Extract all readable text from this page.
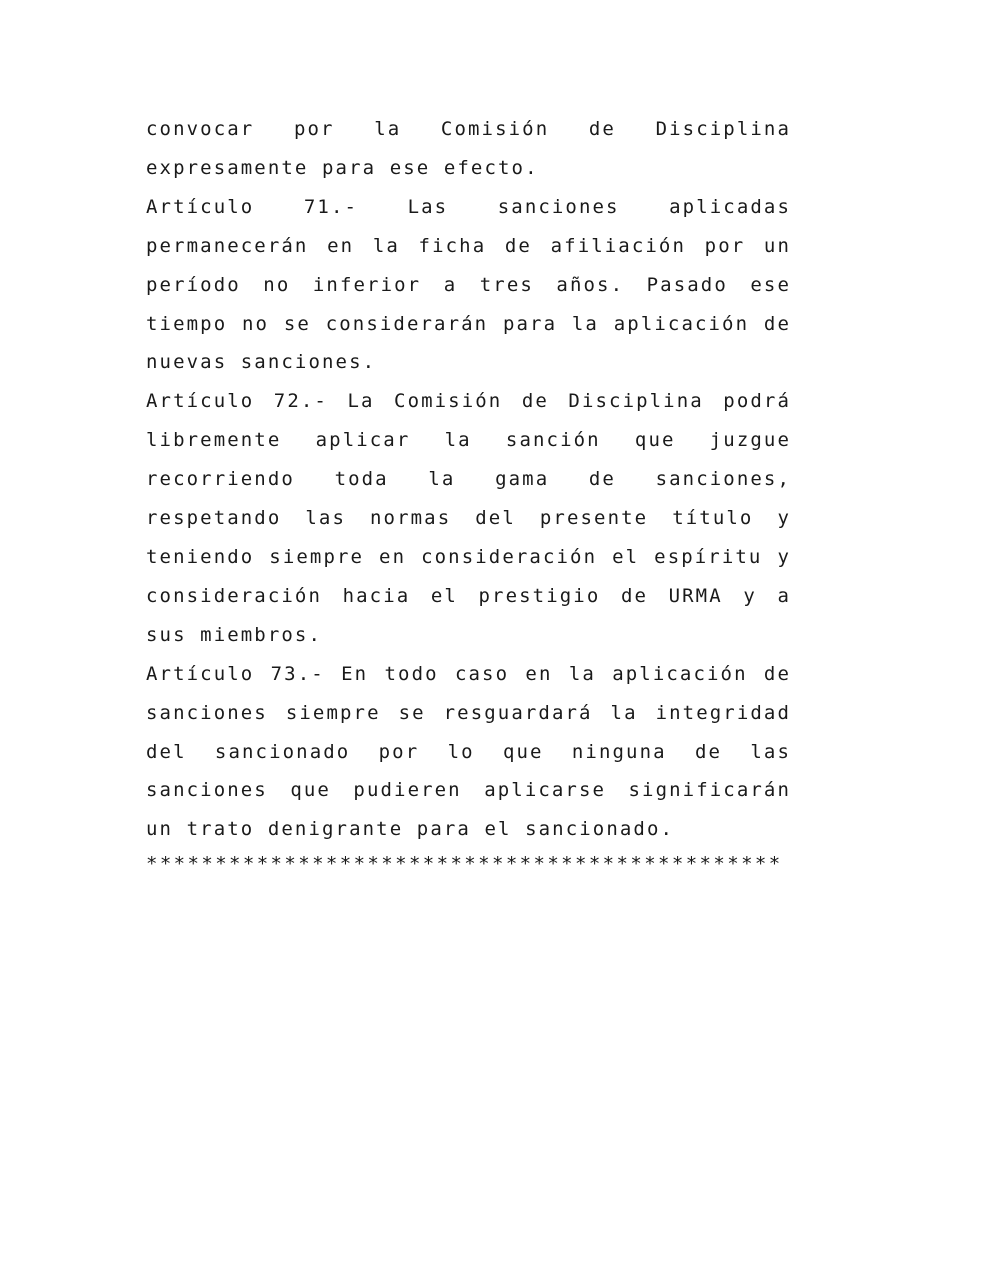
convocar por la Comisión de Disciplina expresamente para ese efecto.

Artículo 71.- Las sanciones aplicadas permanecerán en la ficha de afiliación por un período no inferior a tres años. Pasado ese tiempo no se considerarán para la aplicación de nuevas sanciones.

Artículo 72.- La Comisión de Disciplina podrá libremente aplicar la sanción que juzgue recorriendo toda la gama de sanciones, respetando las normas del presente título y teniendo siempre en consideración el espíritu y consideración hacia el prestigio de URMA y a sus miembros.

Artículo 73.- En todo caso en la aplicación de sanciones siempre se resguardará la integridad del sancionado por lo que ninguna de las sanciones que pudieren aplicarse significarán un trato denigrante para el sancionado.

**********************************************
